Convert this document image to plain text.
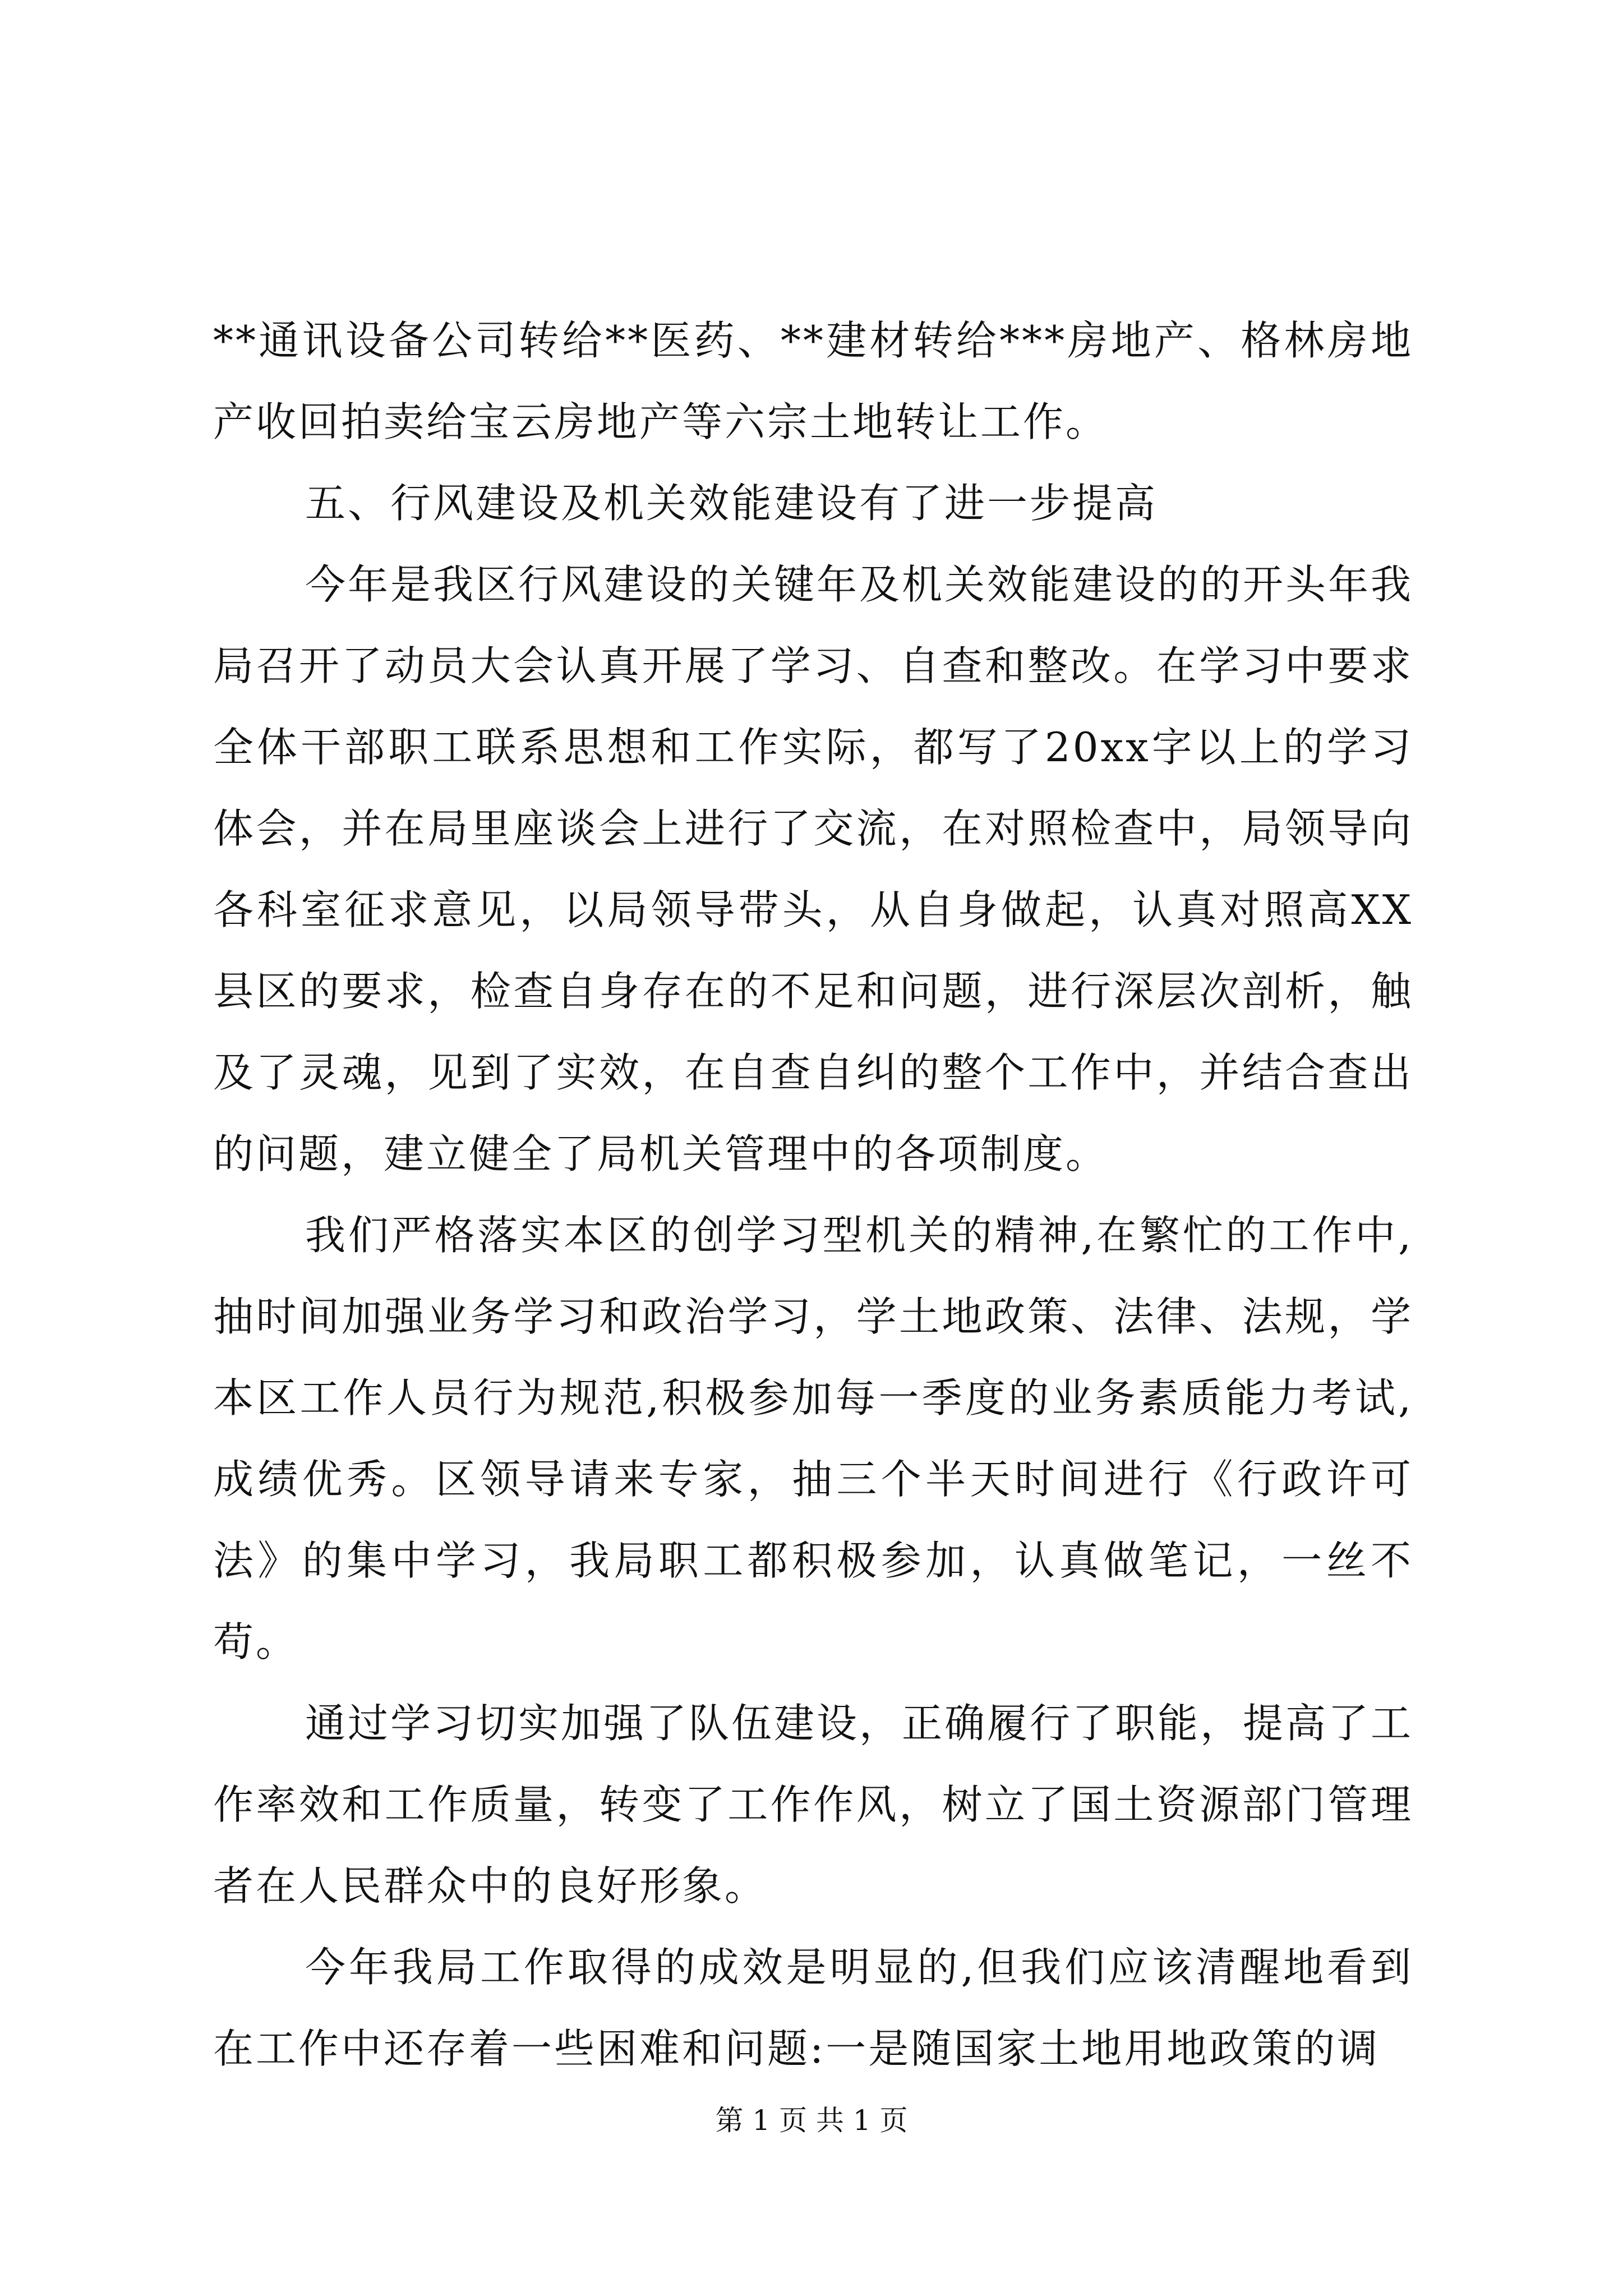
**通讯设备公司转给**医药、**建材转给***房地产、格林房地产收回拍卖给宝云房地产等六宗土地转让工作。

五、行风建设及机关效能建设有了进一步提高

今年是我区行风建设的关键年及机关效能建设的的开头年我局召开了动员大会认真开展了学习、自查和整改。在学习中要求全体干部职工联系思想和工作实际，都写了20xx字以上的学习体会，并在局里座谈会上进行了交流，在对照检查中，局领导向各科室征求意见，以局领导带头，从自身做起，认真对照高XX县区的要求，检查自身存在的不足和问题，进行深层次剖析，触及了灵魂，见到了实效，在自查自纠的整个工作中，并结合查出的问题，建立健全了局机关管理中的各项制度。

我们严格落实本区的创学习型机关的精神,在繁忙的工作中,抽时间加强业务学习和政治学习，学土地政策、法律、法规，学本区工作人员行为规范,积极参加每一季度的业务素质能力考试,成绩优秀。区领导请来专家，抽三个半天时间进行《行政许可法》的集中学习，我局职工都积极参加，认真做笔记，一丝不苟。

通过学习切实加强了队伍建设，正确履行了职能，提高了工作率效和工作质量，转变了工作作风，树立了国土资源部门管理者在人民群众中的良好形象。

今年我局工作取得的成效是明显的,但我们应该清醒地看到在工作中还存着一些困难和问题:一是随国家土地用地政策的调

第 1 页 共 1 页
